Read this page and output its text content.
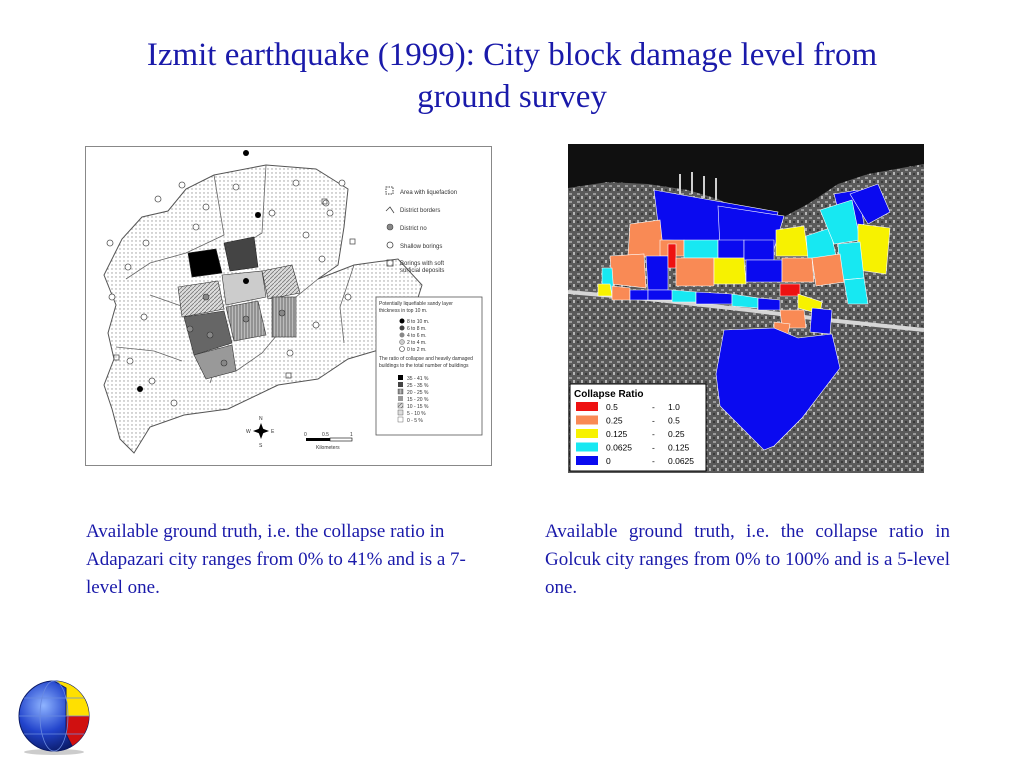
Izmit earthquake (1999): City block damage level from
ground survey
Area with liquefaction
District borders
District no
Shallow borings
Borings with soft
surficial deposits
Potentially liquefiable sandy layer
thickness in top 10 m.
8 to 10 m.
6 to 8 m.
4 to 6 m.
2 to 4 m.
0 to 2 m.
The ratio of collapse and heavily damaged
buildings to the total number of buildings
35 - 41 %
25 - 35 %
20 - 25 %
15 - 20 %
10 - 15 %
5 - 10 %
0 - 5 %
N
S
E
W	0	0.5	1
Kilometers
Collapse Ratio
0.5	- 1.0
0.25	- 0.5
0.125	- 0.25
0.0625 - 0.125
0	- 0.0625
Available ground truth, i.e. the collapse ratio in Adapazari city ranges from 0% to 41% and is a 7-level one.
Available ground truth, i.e. the collapse ratio in Golcuk city ranges from 0% to 100% and is a 5-level one.
